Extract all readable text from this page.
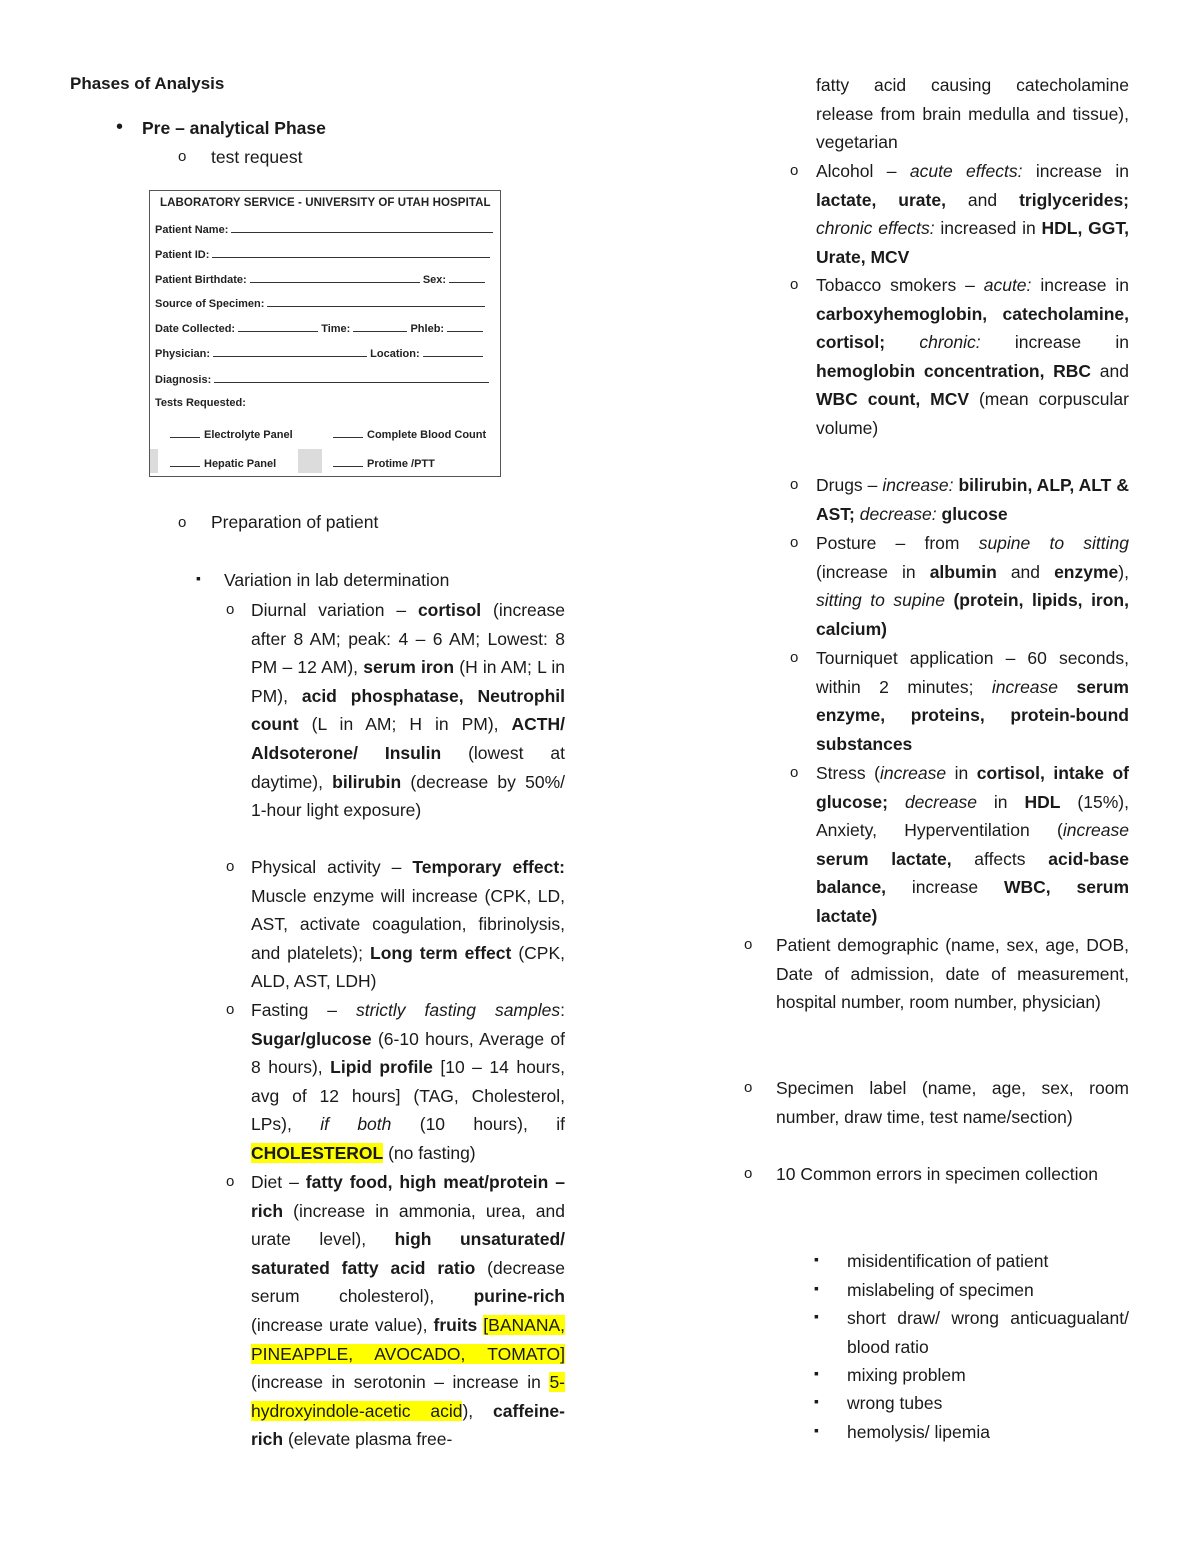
Phases of Analysis
• Pre – analytical Phase
o test request
LABORATORY SERVICE - UNIVERSITY OF UTAH HOSPITAL
Patient Name:
Patient ID:
Patient Birthdate:	Sex:
Source of Specimen:
Date Collected:	Time:	Phleb:
Physician:	Location:
Diagnosis:
Tests Requested:
Electrolyte Panel	Complete Blood Count
Hepatic Panel	Protime /PTT
o Preparation of patient
▪ Variation in lab determination
o Diurnal variation – cortisol (increase after 8 AM; peak: 4 – 6 AM; Lowest: 8 PM – 12 AM), serum iron (H in AM; L in PM), acid phosphatase, Neutrophil count (L in AM; H in PM), ACTH/ Aldsoterone/ Insulin (lowest at daytime), bilirubin (decrease by 50%/ 1-hour light exposure)

o Physical activity – Temporary effect: Muscle enzyme will increase (CPK, LD, AST, activate coagulation, fibrinolysis, and platelets); Long term effect (CPK, ALD, AST, LDH)

o Fasting – strictly fasting samples: Sugar/glucose (6-10 hours, Average of 8 hours), Lipid profile [10 – 14 hours, avg of 12 hours] (TAG, Cholesterol, LPs), if both (10 hours), if CHOLESTEROL (no fasting)

o Diet – fatty food, high meat/protein – rich (increase in ammonia, urea, and urate level), high unsaturated/ saturated fatty acid ratio (decrease serum cholesterol), purine-rich (increase urate value), fruits [BANANA, PINEAPPLE, AVOCADO, TOMATO] (increase in serotonin – increase in 5-hydroxyindole-acetic acid), caffeine-rich (elevate plasma free-

fatty acid causing catecholamine release from brain medulla and tissue), vegetarian

o Alcohol – acute effects: increase in lactate, urate, and triglycerides; chronic effects: increased in HDL, GGT, Urate, MCV

o Tobacco smokers – acute: increase in carboxyhemoglobin, catecholamine, cortisol; chronic: increase in hemoglobin concentration, RBC and WBC count, MCV (mean corpuscular volume)

o Drugs – increase: bilirubin, ALP, ALT & AST; decrease: glucose

o Posture – from supine to sitting (increase in albumin and enzyme), sitting to supine (protein, lipids, iron, calcium)

o Tourniquet application – 60 seconds, within 2 minutes; increase serum enzyme, proteins, protein-bound substances

o Stress (increase in cortisol, intake of glucose; decrease in HDL (15%), Anxiety, Hyperventilation (increase serum lactate, affects acid-base balance, increase WBC, serum lactate)

o Patient demographic (name, sex, age, DOB, Date of admission, date of measurement, hospital number, room number, physician)

o Specimen label (name, age, sex, room number, draw time, test name/section)

o 10 Common errors in specimen collection

▪ misidentification of patient

▪ mislabeling of specimen

▪ short draw/ wrong anticuagualant/ blood ratio

▪ mixing problem

▪ wrong tubes

▪ hemolysis/ lipemia
